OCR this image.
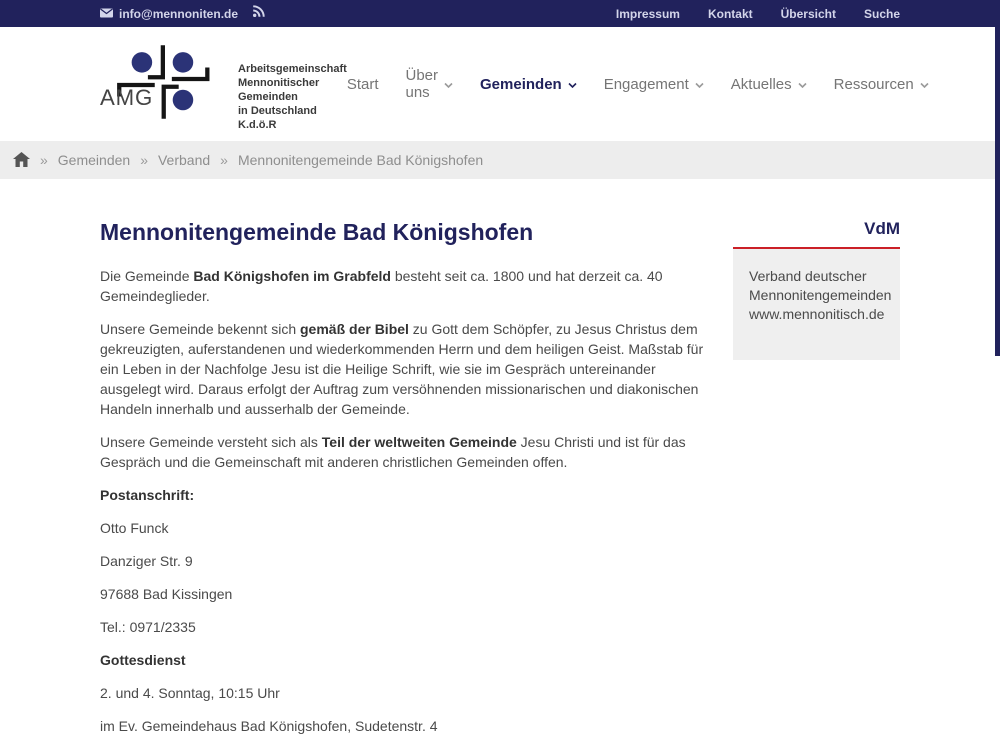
info@mennoniten.de	Impressum Kontakt Übersicht Suche
AMG
Arbeitsgemeinschaft
Mennonitischer Gemeinden
in Deutschland K.d.ö.R
Start Über uns	Gemeinden	Engagement	Aktuelles	Ressourcen
» Gemeinden » Verband » Mennonitengemeinde Bad Königshofen
Mennonitengemeinde Bad Königshofen

Die Gemeinde Bad Königshofen im Grabfeld besteht seit ca. 1800 und hat derzeit ca. 40 Gemeindeglieder.

Unsere Gemeinde bekennt sich gemäß der Bibel zu Gott dem Schöpfer, zu Jesus Christus dem gekreuzigten, auferstandenen und wiederkommenden Herrn und dem heiligen Geist. Maßstab für ein Leben in der Nachfolge Jesu ist die Heilige Schrift, wie sie im Gespräch untereinander ausgelegt wird. Daraus erfolgt der Auftrag zum versöhnenden missionarischen und diakonischen Handeln innerhalb und ausserhalb der Gemeinde.

Unsere Gemeinde versteht sich als Teil der weltweiten Gemeinde Jesu Christi und ist für das Gespräch und die Gemeinschaft mit anderen christlichen Gemeinden offen.

Postanschrift:

Otto Funck

Danziger Str. 9

97688 Bad Kissingen

Tel.: 0971/2335

Gottesdienst

2. und 4. Sonntag, 10:15 Uhr

im Ev. Gemeindehaus Bad Königshofen, Sudetenstr. 4

VdM
Verband deutscher
Mennonitengemeinden
www.mennonitisch.de
